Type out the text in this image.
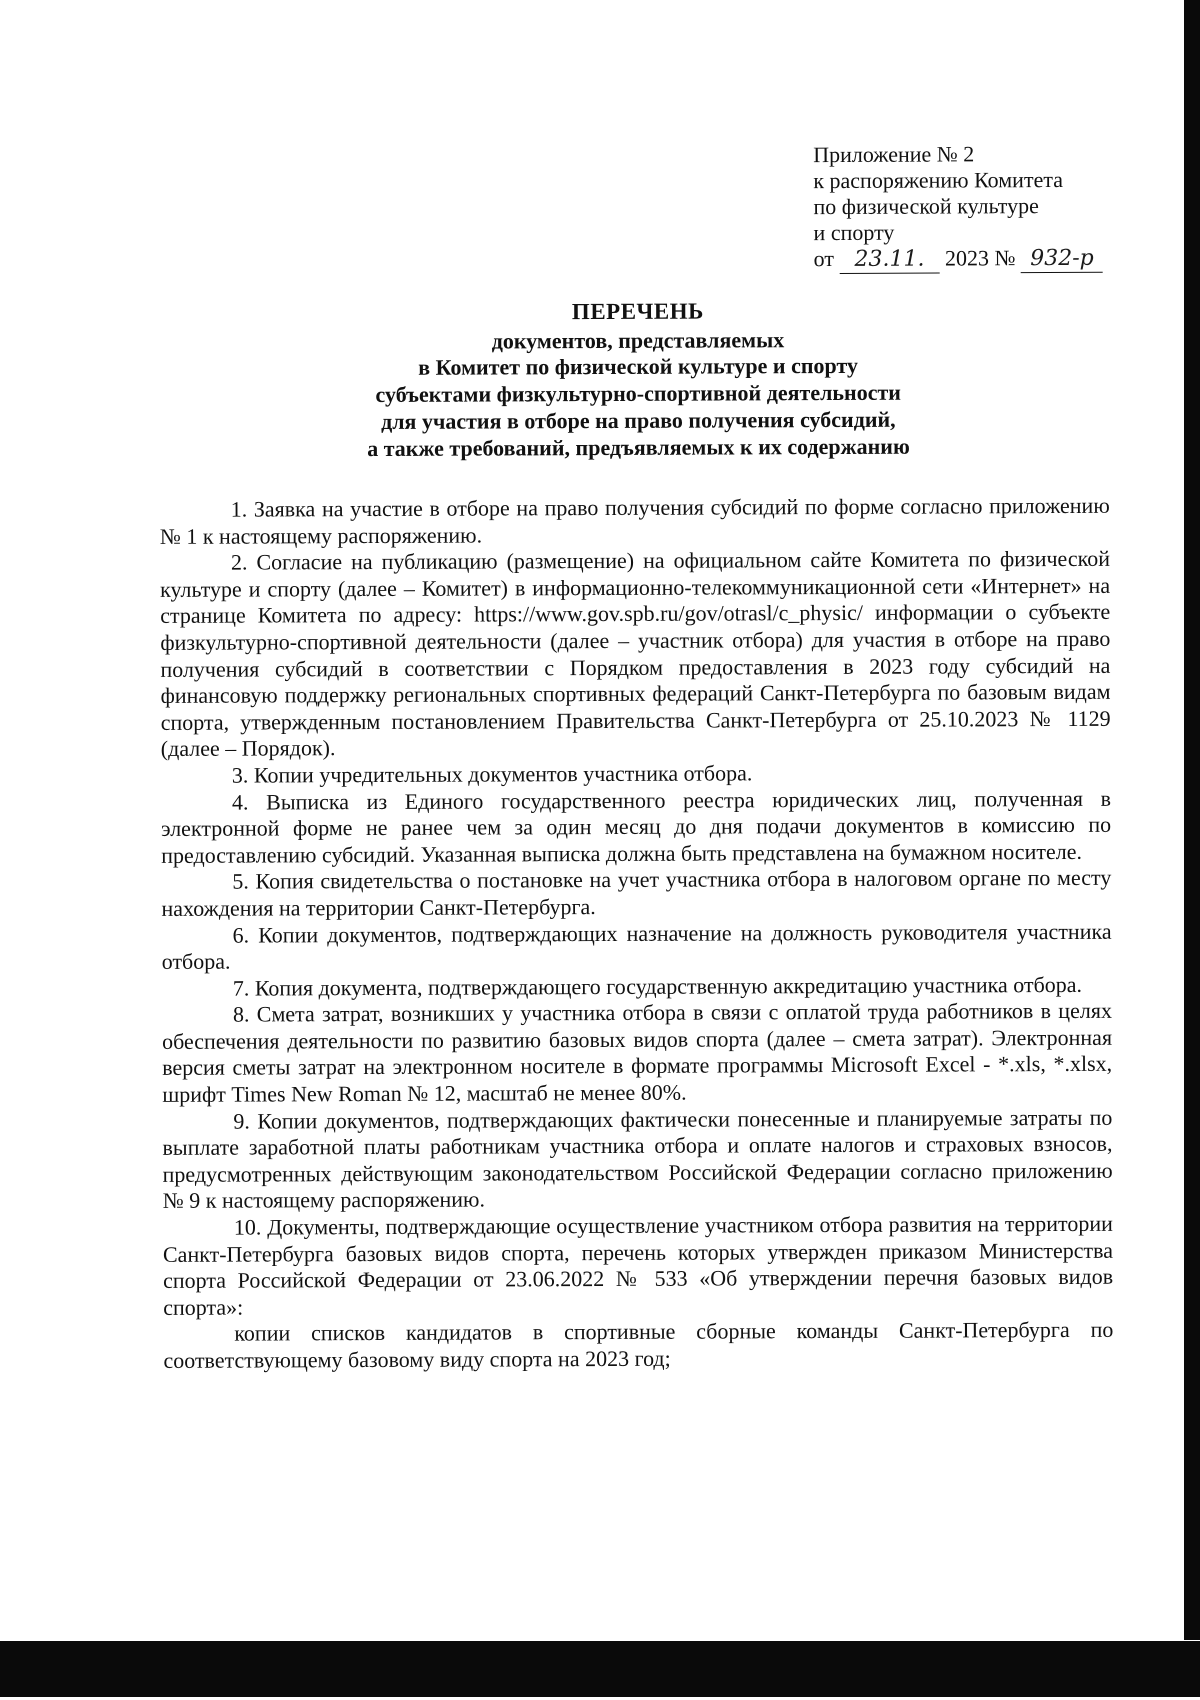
Приложение № 2
к распоряжению Комитета
по физической культуре
и спорту
от 23.11. 2023 № 932-р
ПЕРЕЧЕНЬ
документов, представляемых
в Комитет по физической культуре и спорту
субъектами физкультурно-спортивной деятельности
для участия в отборе на право получения субсидий,
а также требований, предъявляемых к их содержанию

1. Заявка на участие в отборе на право получения субсидий по форме согласно приложению № 1 к настоящему распоряжению.

2. Согласие на публикацию (размещение) на официальном сайте Комитета по физической культуре и спорту (далее – Комитет) в информационно-телекоммуникационной сети «Интернет» на странице Комитета по адресу: https://www.gov.spb.ru/gov/otrasl/c_physic/ информации о субъекте физкультурно-спортивной деятельности (далее – участник отбора) для участия в отборе на право получения субсидий в соответствии с Порядком предоставления в 2023 году субсидий на финансовую поддержку региональных спортивных федераций Санкт-Петербурга по базовым видам спорта, утвержденным постановлением Правительства Санкт-Петербурга от 25.10.2023 № 1129 (далее – Порядок).

3. Копии учредительных документов участника отбора.

4. Выписка из Единого государственного реестра юридических лиц, полученная в электронной форме не ранее чем за один месяц до дня подачи документов в комиссию по предоставлению субсидий. Указанная выписка должна быть представлена на бумажном носителе.

5. Копия свидетельства о постановке на учет участника отбора в налоговом органе по месту нахождения на территории Санкт-Петербурга.

6. Копии документов, подтверждающих назначение на должность руководителя участника отбора.

7. Копия документа, подтверждающего государственную аккредитацию участника отбора.

8. Смета затрат, возникших у участника отбора в связи с оплатой труда работников в целях обеспечения деятельности по развитию базовых видов спорта (далее – смета затрат). Электронная версия сметы затрат на электронном носителе в формате программы Microsoft Excel - *.xls, *.xlsx, шрифт Times New Roman № 12, масштаб не менее 80%.

9. Копии документов, подтверждающих фактически понесенные и планируемые затраты по выплате заработной платы работникам участника отбора и оплате налогов и страховых взносов, предусмотренных действующим законодательством Российской Федерации согласно приложению № 9 к настоящему распоряжению.

10. Документы, подтверждающие осуществление участником отбора развития на территории Санкт-Петербурга базовых видов спорта, перечень которых утвержден приказом Министерства спорта Российской Федерации от 23.06.2022 № 533 «Об утверждении перечня базовых видов спорта»:

копии списков кандидатов в спортивные сборные команды Санкт-Петербурга по соответствующему базовому виду спорта на 2023 год;
